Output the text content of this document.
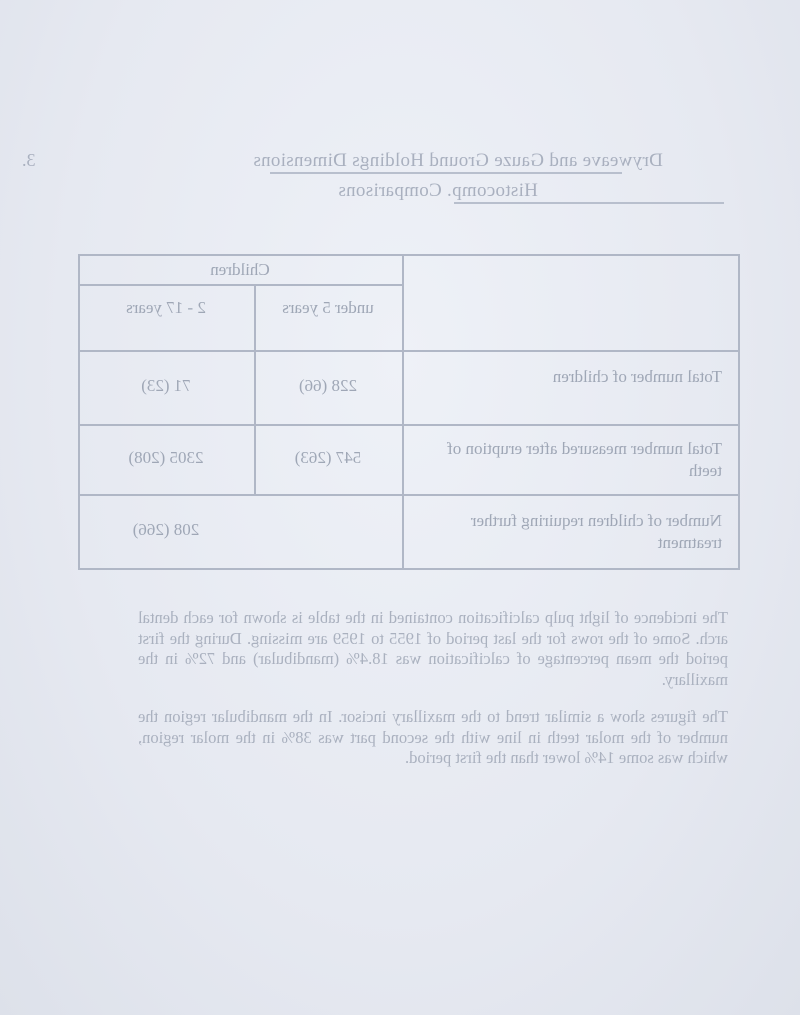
3.	Dryweave and Gauze Ground Holdings Dimensions
Histocomp. Comparisons
Children
under 5 years
2 - 17 years
Total number of children
228 (66)
71 (23)
Total number measured after eruption of teeth
547 (263)
2305 (208)
Number of children requiring further treatment
208 (266)

The incidence of light pulp calcification contained in the table is shown for each dental arch. Some of the rows for the last period of 1955 to 1959 are missing. During the first period the mean percentage of calcification was 18.4% (mandibular) and 72% in the maxillary.

The figures show a similar trend to the maxillary incisor. In the mandibular region the number of the molar teeth in line with the second part was 38% in the molar region, which was some 14% lower than the first period.
